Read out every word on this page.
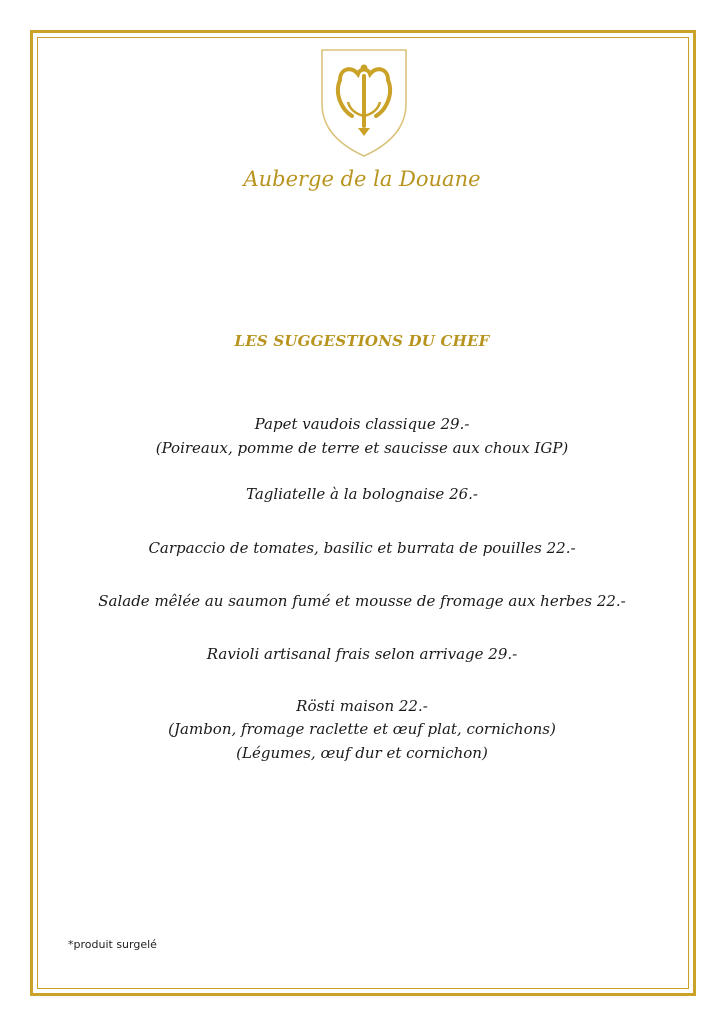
Auberge de la Douane
LES SUGGESTIONS DU CHEF
Papet vaudois classique 29.-
(Poireaux, pomme de terre et saucisse aux choux IGP)
Tagliatelle à la bolognaise 26.-
Carpaccio de tomates, basilic et burrata de pouilles 22.-
Salade mêlée au saumon fumé et mousse de fromage aux herbes 22.-
Ravioli artisanal frais selon arrivage 29.-
Rösti maison 22.-
(Jambon, fromage raclette et œuf plat, cornichons)
(Légumes, œuf dur et cornichon)
*produit surgelé
